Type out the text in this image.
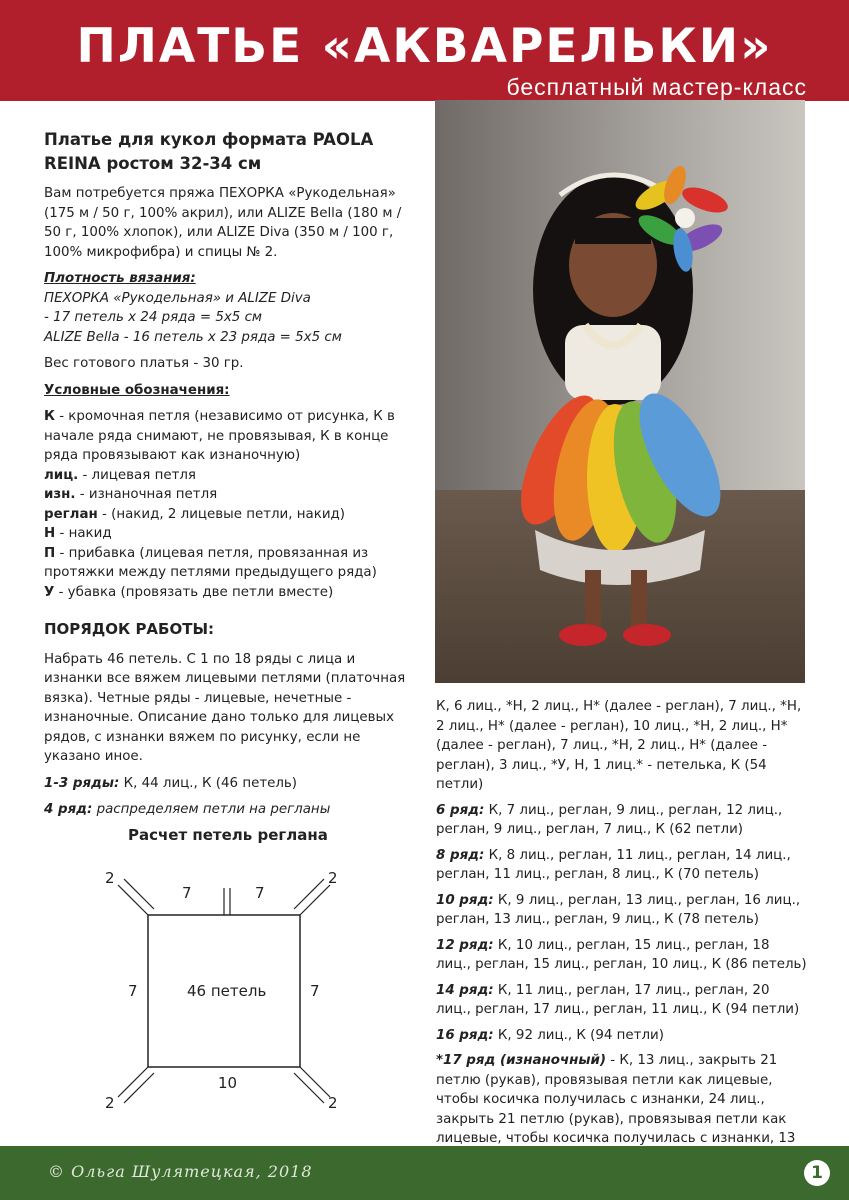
ПЛАТЬЕ «АКВАРЕЛЬКИ»
бесплатный мастер-класс
Платье для кукол формата PAOLA REINA ростом 32-34 см
Вам потребуется пряжа ПЕХОРКА «Рукодельная» (175 м / 50 г, 100% акрил), или ALIZE Bella (180 м / 50 г, 100% хлопок), или ALIZE Diva (350 м / 100 г, 100% микрофибра) и спицы № 2.
Плотность вязания:
ПЕХОРКА «Рукодельная» и ALIZE Diva
- 17 петель х 24 ряда = 5х5 см
ALIZE Bella - 16 петель х 23 ряда = 5х5 см
Вес готового платья - 30 гр.
Условные обозначения:
К - кромочная петля (независимо от рисунка, К в начале ряда снимают, не провязывая, К в конце ряда провязывают как изнаночную)
лиц. - лицевая петля
изн. - изнаночная петля
реглан - (накид, 2 лицевые петли, накид)
Н - накид
П - прибавка (лицевая петля, провязанная из протяжки между петлями предыдущего ряда)
У - убавка (провязать две петли вместе)
ПОРЯДОК РАБОТЫ:
Набрать 46 петель. С 1 по 18 ряды с лица и изнанки все вяжем лицевыми петлями (платочная вязка). Четные ряды - лицевые, нечетные - изнаночные. Описание дано только для лицевых рядов, с изнанки вяжем по рисунку, если не указано иное.
1-3 ряды: К, 44 лиц., К (46 петель)
4 ряд: распределяем петли на регланы
Расчет петель реглана
2	2
2	2
7	7
7	7
46 петель
10
К, 6 лиц., *Н, 2 лиц., Н* (далее - реглан), 7 лиц., *Н, 2 лиц., Н* (далее - реглан), 10 лиц., *Н, 2 лиц., Н* (далее - реглан), 7 лиц., *Н, 2 лиц., Н* (далее - реглан), 3 лиц., *У, Н, 1 лиц.* - петелька, К (54 петли)
6 ряд: К, 7 лиц., реглан, 9 лиц., реглан, 12 лиц., реглан, 9 лиц., реглан, 7 лиц., К (62 петли)
8 ряд: К, 8 лиц., реглан, 11 лиц., реглан, 14 лиц., реглан, 11 лиц., реглан, 8 лиц., К (70 петель)
10 ряд: К, 9 лиц., реглан, 13 лиц., реглан, 16 лиц., реглан, 13 лиц., реглан, 9 лиц., К (78 петель)
12 ряд: К, 10 лиц., реглан, 15 лиц., реглан, 18 лиц., реглан, 15 лиц., реглан, 10 лиц., К (86 петель)
14 ряд: К, 11 лиц., реглан, 17 лиц., реглан, 20 лиц., реглан, 17 лиц., реглан, 11 лиц., К (94 петли)
16 ряд: К, 92 лиц., К (94 петли)
*17 ряд (изнаночный) - К, 13 лиц., закрыть 21 петлю (рукав), провязывая петли как лицевые, чтобы косичка получилась с изнанки, 24 лиц., закрыть 21 петлю (рукав), провязывая петли как лицевые, чтобы косичка получилась с изнанки, 13
© Ольга Шулятецкая, 2018	1
